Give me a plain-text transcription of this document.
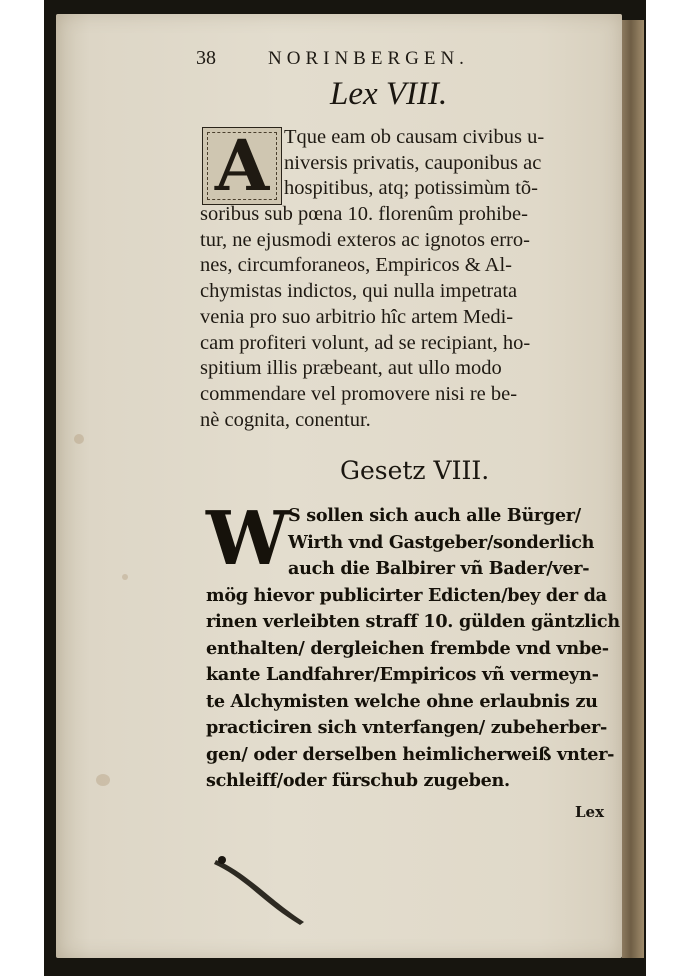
38	NORINBERGEN.
Lex VIII.
A Tque eam ob causam civibus u-
niversis privatis, cauponibus ac
hospitibus, atq; potissimùm tõ-
soribus sub pœna 10. florenûm prohibe-
tur, ne ejusmodi exteros ac ignotos erro-
nes, circumforaneos, Empiricos & Al-
chymistas indictos, qui nulla impetrata
venia pro suo arbitrio hîc artem Medi-
cam profiteri volunt, ad se recipiant, ho-
spitium illis præbeant, aut ullo modo
commendare vel promovere nisi re be-
nè cognita, conentur.
Gesetz VIII.
W
S sollen sich auch alle Bürger/
Wirth vnd Gastgeber/sonderlich
auch die Balbirer vñ Bader/ver-
mög hievor publicirter Edicten/bey der da
rinen verleibten straff 10. gülden gäntzlich
enthalten/ dergleichen frembde vnd vnbe-
kante Landfahrer/Empiricos vñ vermeyn-
te Alchymisten welche ohne erlaubnis zu
practiciren sich vnterfangen/ zubeherber-
gen/ oder derselben heimlicherweiß vnter-
schleiff/oder fürschub zugeben.
Lex
